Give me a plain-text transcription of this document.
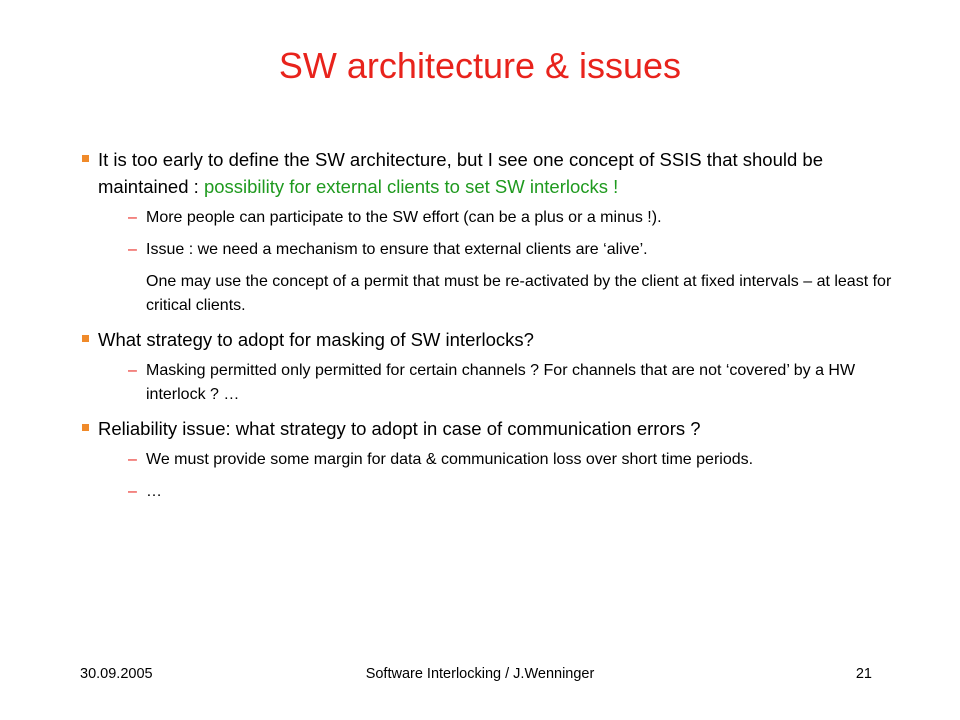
SW architecture & issues
It is too early to define the SW architecture, but I see one concept of SSIS that should be maintained : possibility for external clients to set SW interlocks !
– More people can participate to the SW effort (can be a plus or a minus !).
– Issue : we need a mechanism to ensure that external clients are ‘alive’.
One may use the concept of a permit that must be re-activated by the client at fixed intervals – at least for critical clients.
What strategy to adopt for masking of SW interlocks?
– Masking permitted only permitted for certain channels ? For channels that are not ‘covered’ by a HW interlock ? …
Reliability issue: what strategy to adopt in case of communication errors ?
– We must provide some margin for data & communication loss over short time periods.
– …
Software Interlocking / J.Wenninger
30.09.2005	21
